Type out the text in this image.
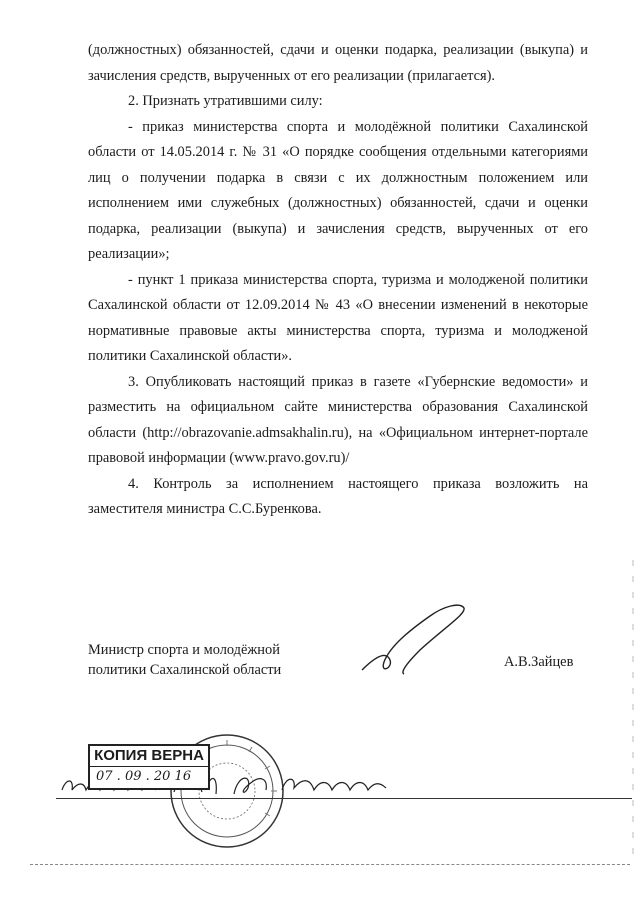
(должностных) обязанностей, сдачи и оценки подарка, реализации (выкупа) и зачисления средств, вырученных от его реализации (прилагается).

2. Признать утратившими силу:

- приказ министерства спорта и молодёжной политики Сахалинской области от 14.05.2014 г. № 31 «О порядке сообщения отдельными категориями лиц о получении подарка в связи с их должностным положением или исполнением ими служебных (должностных) обязанностей, сдачи и оценки подарка, реализации (выкупа) и зачисления средств, вырученных от его реализации»;

- пункт 1 приказа министерства спорта, туризма и молодженой политики Сахалинской области от 12.09.2014 № 43 «О внесении изменений в некоторые нормативные правовые акты министерства спорта, туризма и молодженой политики Сахалинской области».

3. Опубликовать настоящий приказ в газете «Губернские ведомости» и разместить на официальном сайте министерства образования Сахалинской области (http://obrazovanie.admsakhalin.ru), на «Официальном интернет-портале правовой информации (www.pravo.gov.ru)/

4. Контроль за исполнением настоящего приказа возложить на заместителя министра С.С.Буренкова.

Министр спорта и молодёжной
политики Сахалинской области	А.В.Зайцев
КОПИЯ ВЕРНА
07 . 09 . 20 16
